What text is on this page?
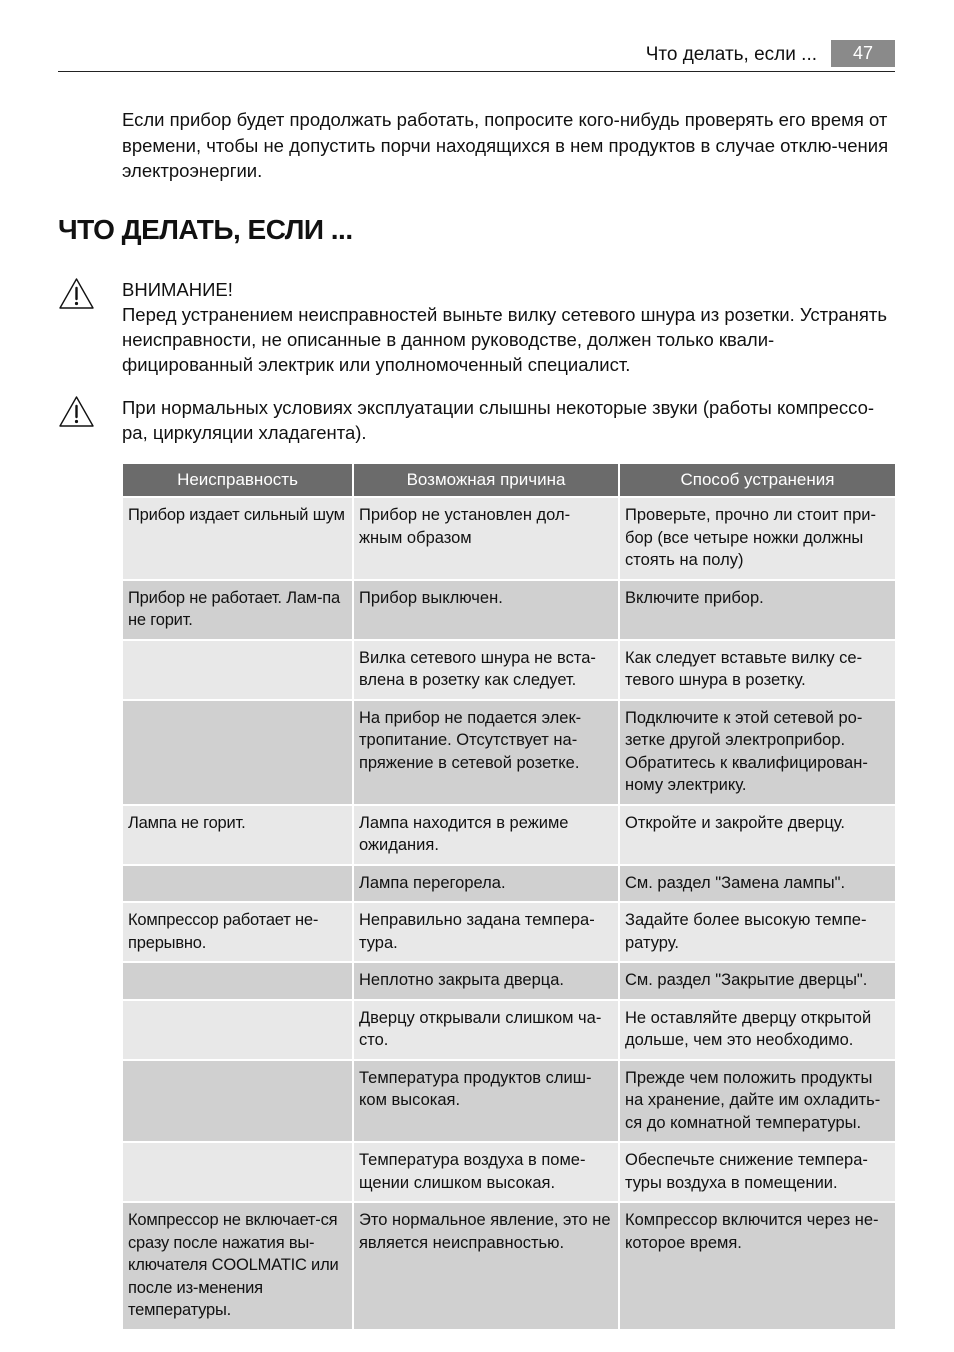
Что делать, если ...	47

Если прибор будет продолжать работать, попросите кого-нибудь проверять его время от времени, чтобы не допустить порчи находящихся в нем продуктов в случае отклю-чения электроэнергии.

ЧТО ДЕЛАТЬ, ЕСЛИ ...
ВНИМАНИЕ!
Перед устранением неисправностей выньте вилку сетевого шнура из розетки. Устранять неисправности, не описанные в данном руководстве, должен только квали-фицированный электрик или уполномоченный специалист.
При нормальных условиях эксплуатации слышны некоторые звуки (работы компрессо-ра, циркуляции хладагента).
Неисправность	Возможная причина	Способ устранения
Прибор издает сильный шум	Прибор не установлен дол-жным образом	Проверьте, прочно ли стоит при-бор (все четыре ножки должны стоять на полу)
Прибор не работает. Лам-па не горит.	Прибор выключен.	Включите прибор.
	Вилка сетевого шнура не вста-влена в розетку как следует.	Как следует вставьте вилку се-тевого шнура в розетку.
	На прибор не подается элек-тропитание. Отсутствует на-пряжение в сетевой розетке.	Подключите к этой сетевой ро-зетке другой электроприбор. Обратитесь к квалифицирован-ному электрику.
Лампа не горит.	Лампа находится в режиме ожидания.	Откройте и закройте дверцу.
	Лампа перегорела.	См. раздел "Замена лампы".
Компрессор работает не-прерывно.	Неправильно задана темпера-тура.	Задайте более высокую темпе-ратуру.
	Неплотно закрыта дверца.	См. раздел "Закрытие дверцы".
	Дверцу открывали слишком ча-сто.	Не оставляйте дверцу открытой дольше, чем это необходимо.
	Температура продуктов слиш-ком высокая.	Прежде чем положить продукты на хранение, дайте им охладить-ся до комнатной температуры.
	Температура воздуха в поме-щении слишком высокая.	Обеспечьте снижение темпера-туры воздуха в помещении.
Компрессор не включает-ся сразу после нажатия вы-ключателя COOLMATIC или после из-менения температуры.	Это нормальное явление, это не является неисправностью.	Компрессор включится через не-которое время.
